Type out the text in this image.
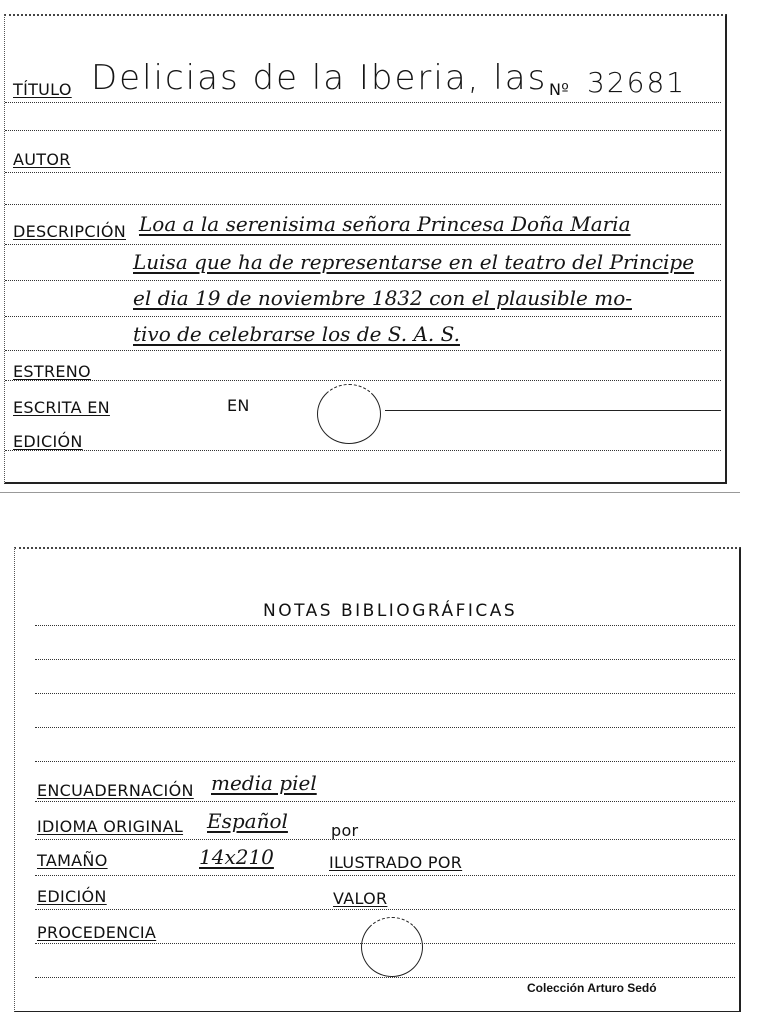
TÍTULO Delicias de la Iberia, las Nº 32681
AUTOR
DESCRIPCIÓN Loa a la serenisima señora Princesa Doña Maria
Luisa que ha de representarse en el teatro del Principe
el dia 19 de noviembre 1832 con el plausible mo-
tivo de celebrarse los de S. A. S.
ESTRENO
ESCRITA EN	EN
EDICIÓN
NOTAS BIBLIOGRÁFICAS
ENCUADERNACIÓN media piel
IDIOMA ORIGINAL Español	por
TAMAÑO	14x210	ILUSTRADO POR
EDICIÓN	VALOR
PROCEDENCIA
Colección Arturo Sedó
